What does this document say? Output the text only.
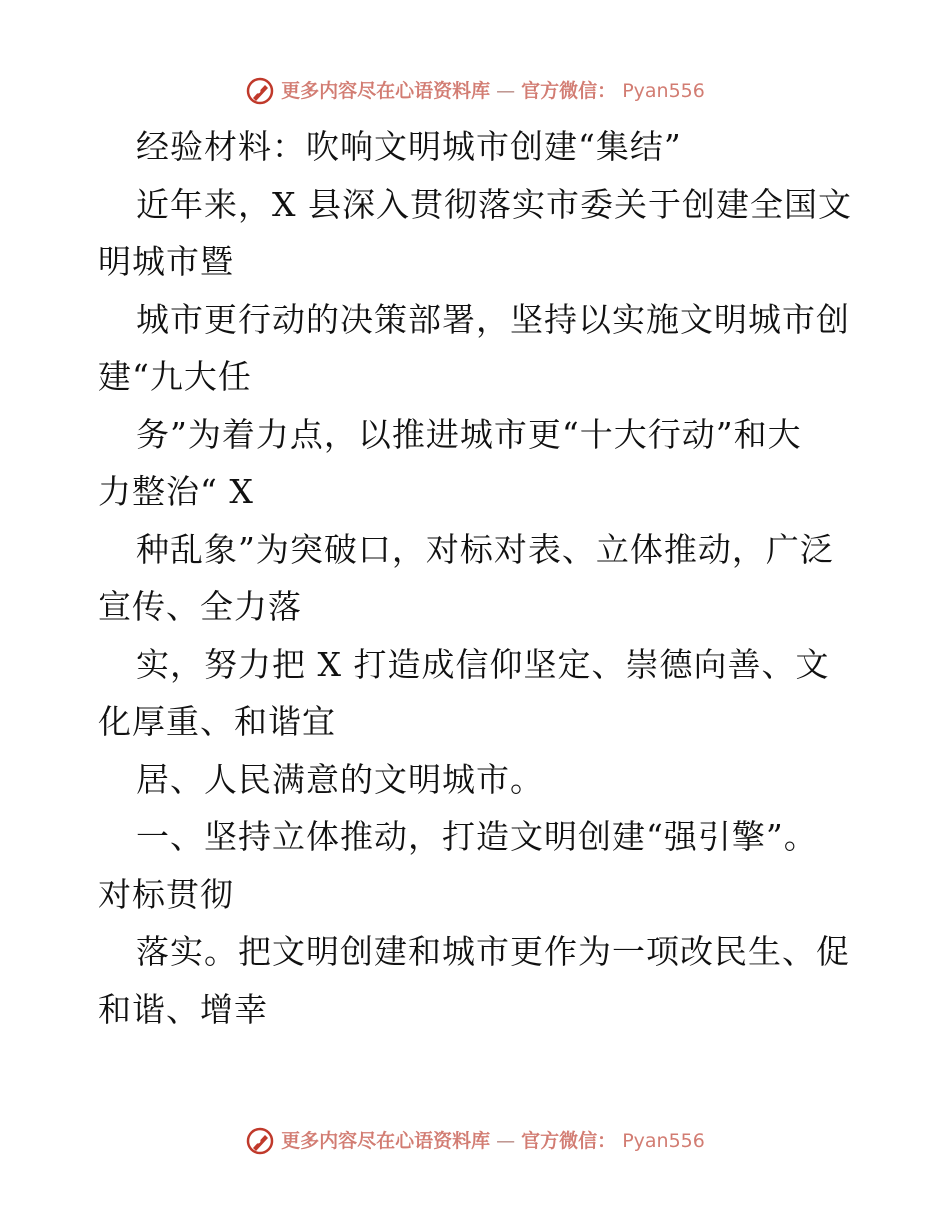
更多内容尽在心语资料库 — 官方微信： Pyan556
经验材料：吹响文明城市创建“集结”
近年来，X 县深入贯彻落实市委关于创建全国文
明城市暨
城市更行动的决策部署，坚持以实施文明城市创
建“九大任
务”为着力点，以推进城市更“十大行动”和大
力整治“ X
种乱象”为突破口，对标对表、立体推动，广泛
宣传、全力落
实，努力把 X 打造成信仰坚定、崇德向善、文
化厚重、和谐宜
居、人民满意的文明城市。
一、坚持立体推动，打造文明创建“强引擎”。
对标贯彻
落实。把文明创建和城市更作为一项改民生、促
和谐、增幸
更多内容尽在心语资料库 — 官方微信： Pyan556
